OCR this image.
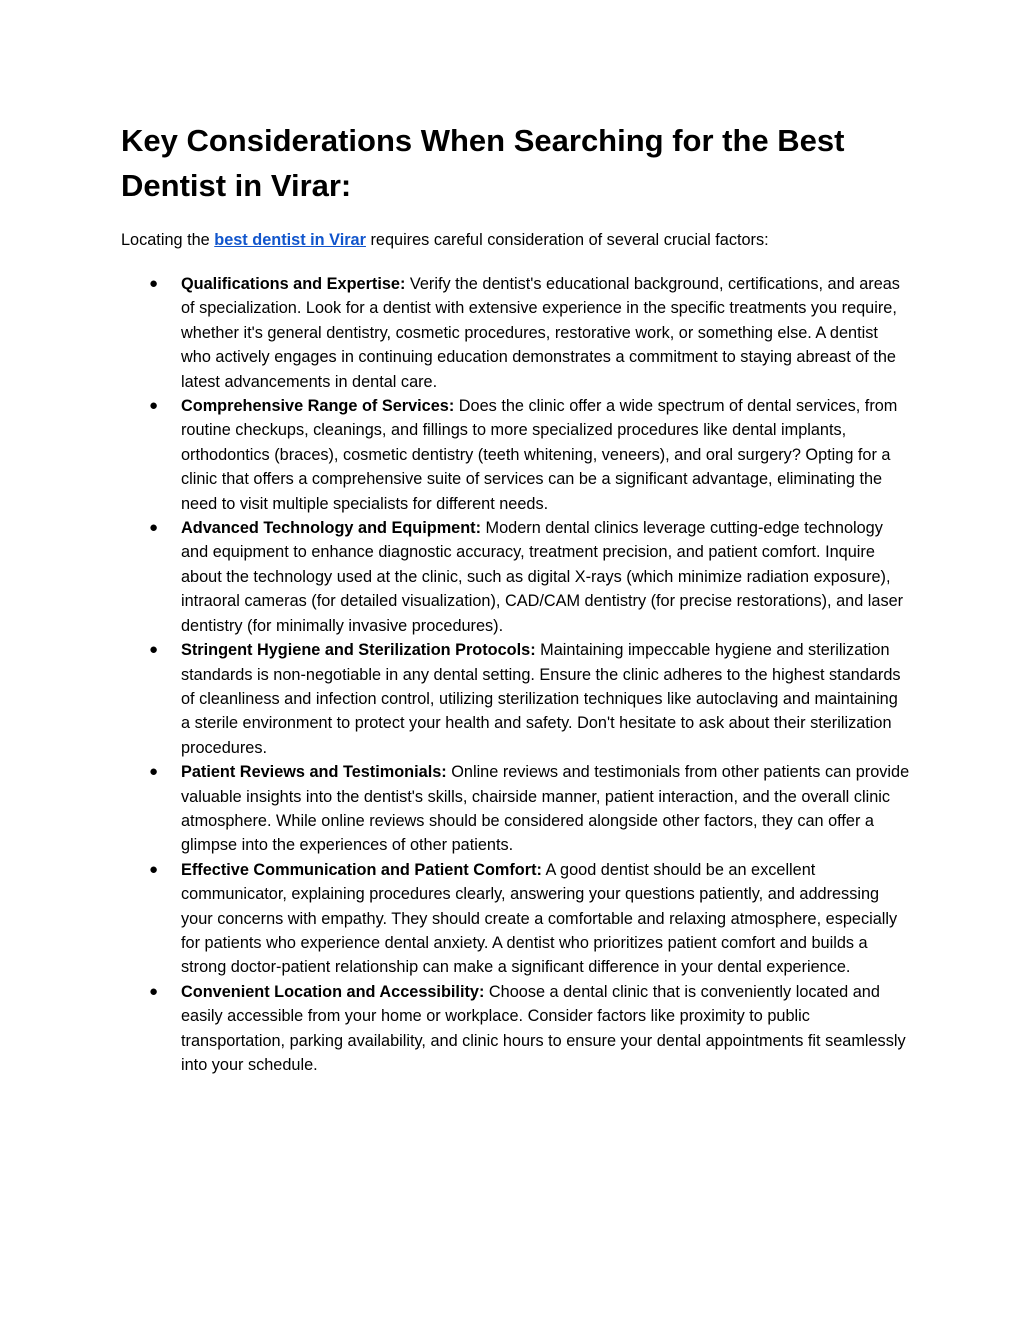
Key Considerations When Searching for the Best Dentist in Virar:

Locating the best dentist in Virar requires careful consideration of several crucial factors:

● Qualifications and Expertise: Verify the dentist's educational background, certifications, and areas of specialization. Look for a dentist with extensive experience in the specific treatments you require, whether it's general dentistry, cosmetic procedures, restorative work, or something else. A dentist who actively engages in continuing education demonstrates a commitment to staying abreast of the latest advancements in dental care.
● Comprehensive Range of Services: Does the clinic offer a wide spectrum of dental services, from routine checkups, cleanings, and fillings to more specialized procedures like dental implants, orthodontics (braces), cosmetic dentistry (teeth whitening, veneers), and oral surgery? Opting for a clinic that offers a comprehensive suite of services can be a significant advantage, eliminating the need to visit multiple specialists for different needs.
● Advanced Technology and Equipment: Modern dental clinics leverage cutting-edge technology and equipment to enhance diagnostic accuracy, treatment precision, and patient comfort. Inquire about the technology used at the clinic, such as digital X-rays (which minimize radiation exposure), intraoral cameras (for detailed visualization), CAD/CAM dentistry (for precise restorations), and laser dentistry (for minimally invasive procedures).
● Stringent Hygiene and Sterilization Protocols: Maintaining impeccable hygiene and sterilization standards is non-negotiable in any dental setting. Ensure the clinic adheres to the highest standards of cleanliness and infection control, utilizing sterilization techniques like autoclaving and maintaining a sterile environment to protect your health and safety. Don't hesitate to ask about their sterilization procedures.
● Patient Reviews and Testimonials: Online reviews and testimonials from other patients can provide valuable insights into the dentist's skills, chairside manner, patient interaction, and the overall clinic atmosphere. While online reviews should be considered alongside other factors, they can offer a glimpse into the experiences of other patients.
● Effective Communication and Patient Comfort: A good dentist should be an excellent communicator, explaining procedures clearly, answering your questions patiently, and addressing your concerns with empathy. They should create a comfortable and relaxing atmosphere, especially for patients who experience dental anxiety. A dentist who prioritizes patient comfort and builds a strong doctor-patient relationship can make a significant difference in your dental experience.
● Convenient Location and Accessibility: Choose a dental clinic that is conveniently located and easily accessible from your home or workplace. Consider factors like proximity to public transportation, parking availability, and clinic hours to ensure your dental appointments fit seamlessly into your schedule.
